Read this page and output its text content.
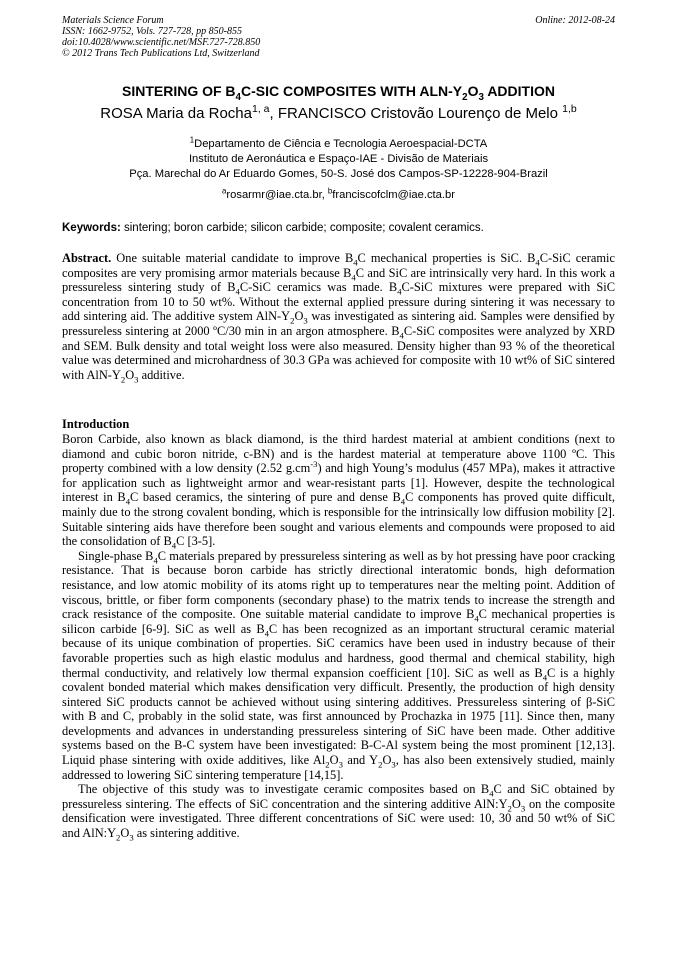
Materials Science Forum
ISSN: 1662-9752, Vols. 727-728, pp 850-855
doi:10.4028/www.scientific.net/MSF.727-728.850
© 2012 Trans Tech Publications Ltd, Switzerland
Online: 2012-08-24
SINTERING OF $B_4C$-SIC COMPOSITES WITH ALN-$Y_2O_3$ ADDITION
ROSA Maria da Rocha$^{1, a}$, FRANCISCO Cristovão Lourenço de Melo $^{1,b}$
$^1$Departamento de Ciência e Tecnologia Aeroespacial-DCTA
Instituto de Aeronáutica e Espaço-IAE - Divisão de Materiais
Pça. Marechal do Ar Eduardo Gomes, 50-S. José dos Campos-SP-12228-904-Brazil
$^a$rosarmr@iae.cta.br, $^b$franciscofclm@iae.cta.br
Keywords: sintering; boron carbide; silicon carbide; composite; covalent ceramics.

Abstract. One suitable material candidate to improve $B_4C$ mechanical properties is SiC. $B_4C$-SiC ceramic composites are very promising armor materials because $B_4C$ and SiC are intrinsically very hard. In this work a pressureless sintering study of $B_4C$-SiC ceramics was made. $B_4C$-SiC mixtures were prepared with SiC concentration from 10 to 50 wt%. Without the external applied pressure during sintering it was necessary to add sintering aid. The additive system AlN-$Y_2O_3$ was investigated as sintering aid. Samples were densified by pressureless sintering at 2000 ºC/30 min in an argon atmosphere. $B_4C$-SiC composites were analyzed by XRD and SEM. Bulk density and total weight loss were also measured. Density higher than 93 % of the theoretical value was determined and microhardness of 30.3 GPa was achieved for composite with 10 wt% of SiC sintered with AlN-$Y_2O_3$ additive.

Introduction

Boron Carbide, also known as black diamond, is the third hardest material at ambient conditions (next to diamond and cubic boron nitride, c-BN) and is the hardest material at temperature above 1100 ºC. This property combined with a low density (2.52 $g.cm^{-3}$) and high Young’s modulus (457 MPa), makes it attractive for application such as lightweight armor and wear-resistant parts [1]. However, despite the technological interest in $B_4C$ based ceramics, the sintering of pure and dense $B_4C$ components has proved quite difficult, mainly due to the strong covalent bonding, which is responsible for the intrinsically low diffusion mobility [2]. Suitable sintering aids have therefore been sought and various elements and compounds were proposed to aid the consolidation of $B_4C$ [3-5].

Single-phase $B_4C$ materials prepared by pressureless sintering as well as by hot pressing have poor cracking resistance. That is because boron carbide has strictly directional interatomic bonds, high deformation resistance, and low atomic mobility of its atoms right up to temperatures near the melting point. Addition of viscous, brittle, or fiber form components (secondary phase) to the matrix tends to increase the strength and crack resistance of the composite. One suitable material candidate to improve $B_4C$ mechanical properties is silicon carbide [6-9]. SiC as well as $B_4C$ has been recognized as an important structural ceramic material because of its unique combination of properties. SiC ceramics have been used in industry because of their favorable properties such as high elastic modulus and hardness, good thermal and chemical stability, high thermal conductivity, and relatively low thermal expansion coefficient [10]. SiC as well as $B_4C$ is a highly covalent bonded material which makes densification very difficult. Presently, the production of high density sintered SiC products cannot be achieved without using sintering additives. Pressureless sintering of β-SiC with B and C, probably in the solid state, was first announced by Prochazka in 1975 [11]. Since then, many developments and advances in understanding pressureless sintering of SiC have been made. Other additive systems based on the B-C system have been investigated: B-C-Al system being the most prominent [12,13]. Liquid phase sintering with oxide additives, like $Al_2O_3$ and $Y_2O_3$, has also been extensively studied, mainly addressed to lowering SiC sintering temperature [14,15].

The objective of this study was to investigate ceramic composites based on $B_4C$ and SiC obtained by pressureless sintering. The effects of SiC concentration and the sintering additive $AlN:Y_2O_3$ on the composite densification were investigated. Three different concentrations of SiC were used: 10, 30 and 50 wt% of SiC and $AlN:Y_2O_3$ as sintering additive.
